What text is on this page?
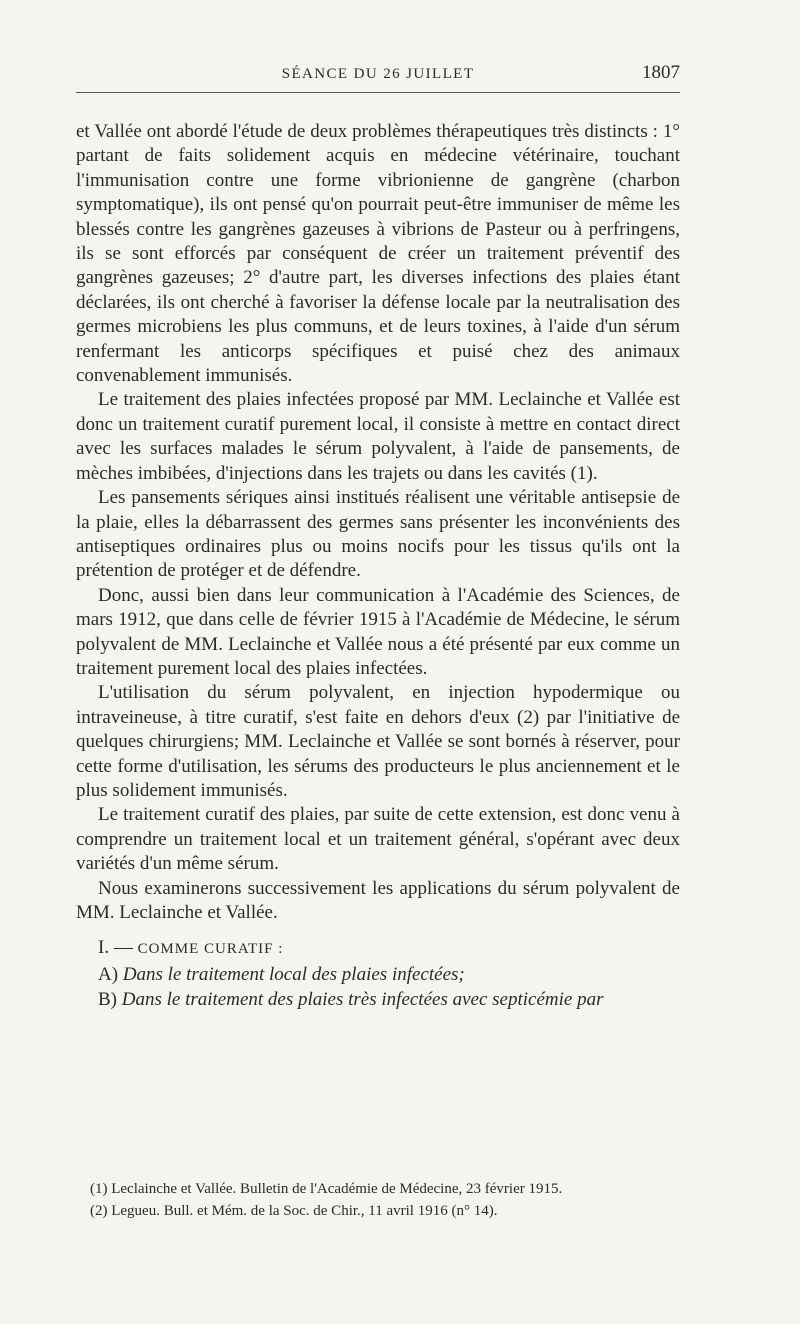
SÉANCE DU 26 JUILLET	1807

et Vallée ont abordé l'étude de deux problèmes thérapeutiques très distincts : 1° partant de faits solidement acquis en médecine vétérinaire, touchant l'immunisation contre une forme vibrionienne de gangrène (charbon symptomatique), ils ont pensé qu'on pourrait peut-être immuniser de même les blessés contre les gangrènes gazeuses à vibrions de Pasteur ou à perfringens, ils se sont efforcés par conséquent de créer un traitement préventif des gangrènes gazeuses; 2° d'autre part, les diverses infections des plaies étant déclarées, ils ont cherché à favoriser la défense locale par la neutralisation des germes microbiens les plus communs, et de leurs toxines, à l'aide d'un sérum renfermant les anticorps spécifiques et puisé chez des animaux convenablement immunisés.

Le traitement des plaies infectées proposé par MM. Leclainche et Vallée est donc un traitement curatif purement local, il consiste à mettre en contact direct avec les surfaces malades le sérum polyvalent, à l'aide de pansements, de mèches imbibées, d'injections dans les trajets ou dans les cavités (1).

Les pansements sériques ainsi institués réalisent une véritable antisepsie de la plaie, elles la débarrassent des germes sans présenter les inconvénients des antiseptiques ordinaires plus ou moins nocifs pour les tissus qu'ils ont la prétention de protéger et de défendre.

Donc, aussi bien dans leur communication à l'Académie des Sciences, de mars 1912, que dans celle de février 1915 à l'Académie de Médecine, le sérum polyvalent de MM. Leclainche et Vallée nous a été présenté par eux comme un traitement purement local des plaies infectées.

L'utilisation du sérum polyvalent, en injection hypodermique ou intraveineuse, à titre curatif, s'est faite en dehors d'eux (2) par l'initiative de quelques chirurgiens; MM. Leclainche et Vallée se sont bornés à réserver, pour cette forme d'utilisation, les sérums des producteurs le plus anciennement et le plus solidement immunisés.

Le traitement curatif des plaies, par suite de cette extension, est donc venu à comprendre un traitement local et un traitement général, s'opérant avec deux variétés d'un même sérum.

Nous examinerons successivement les applications du sérum polyvalent de MM. Leclainche et Vallée.

I. — COMME CURATIF :
A) Dans le traitement local des plaies infectées;
B) Dans le traitement des plaies très infectées avec septicémie par
(1) Leclainche et Vallée. Bulletin de l'Académie de Médecine, 23 février 1915.
(2) Legueu. Bull. et Mém. de la Soc. de Chir., 11 avril 1916 (n° 14).
